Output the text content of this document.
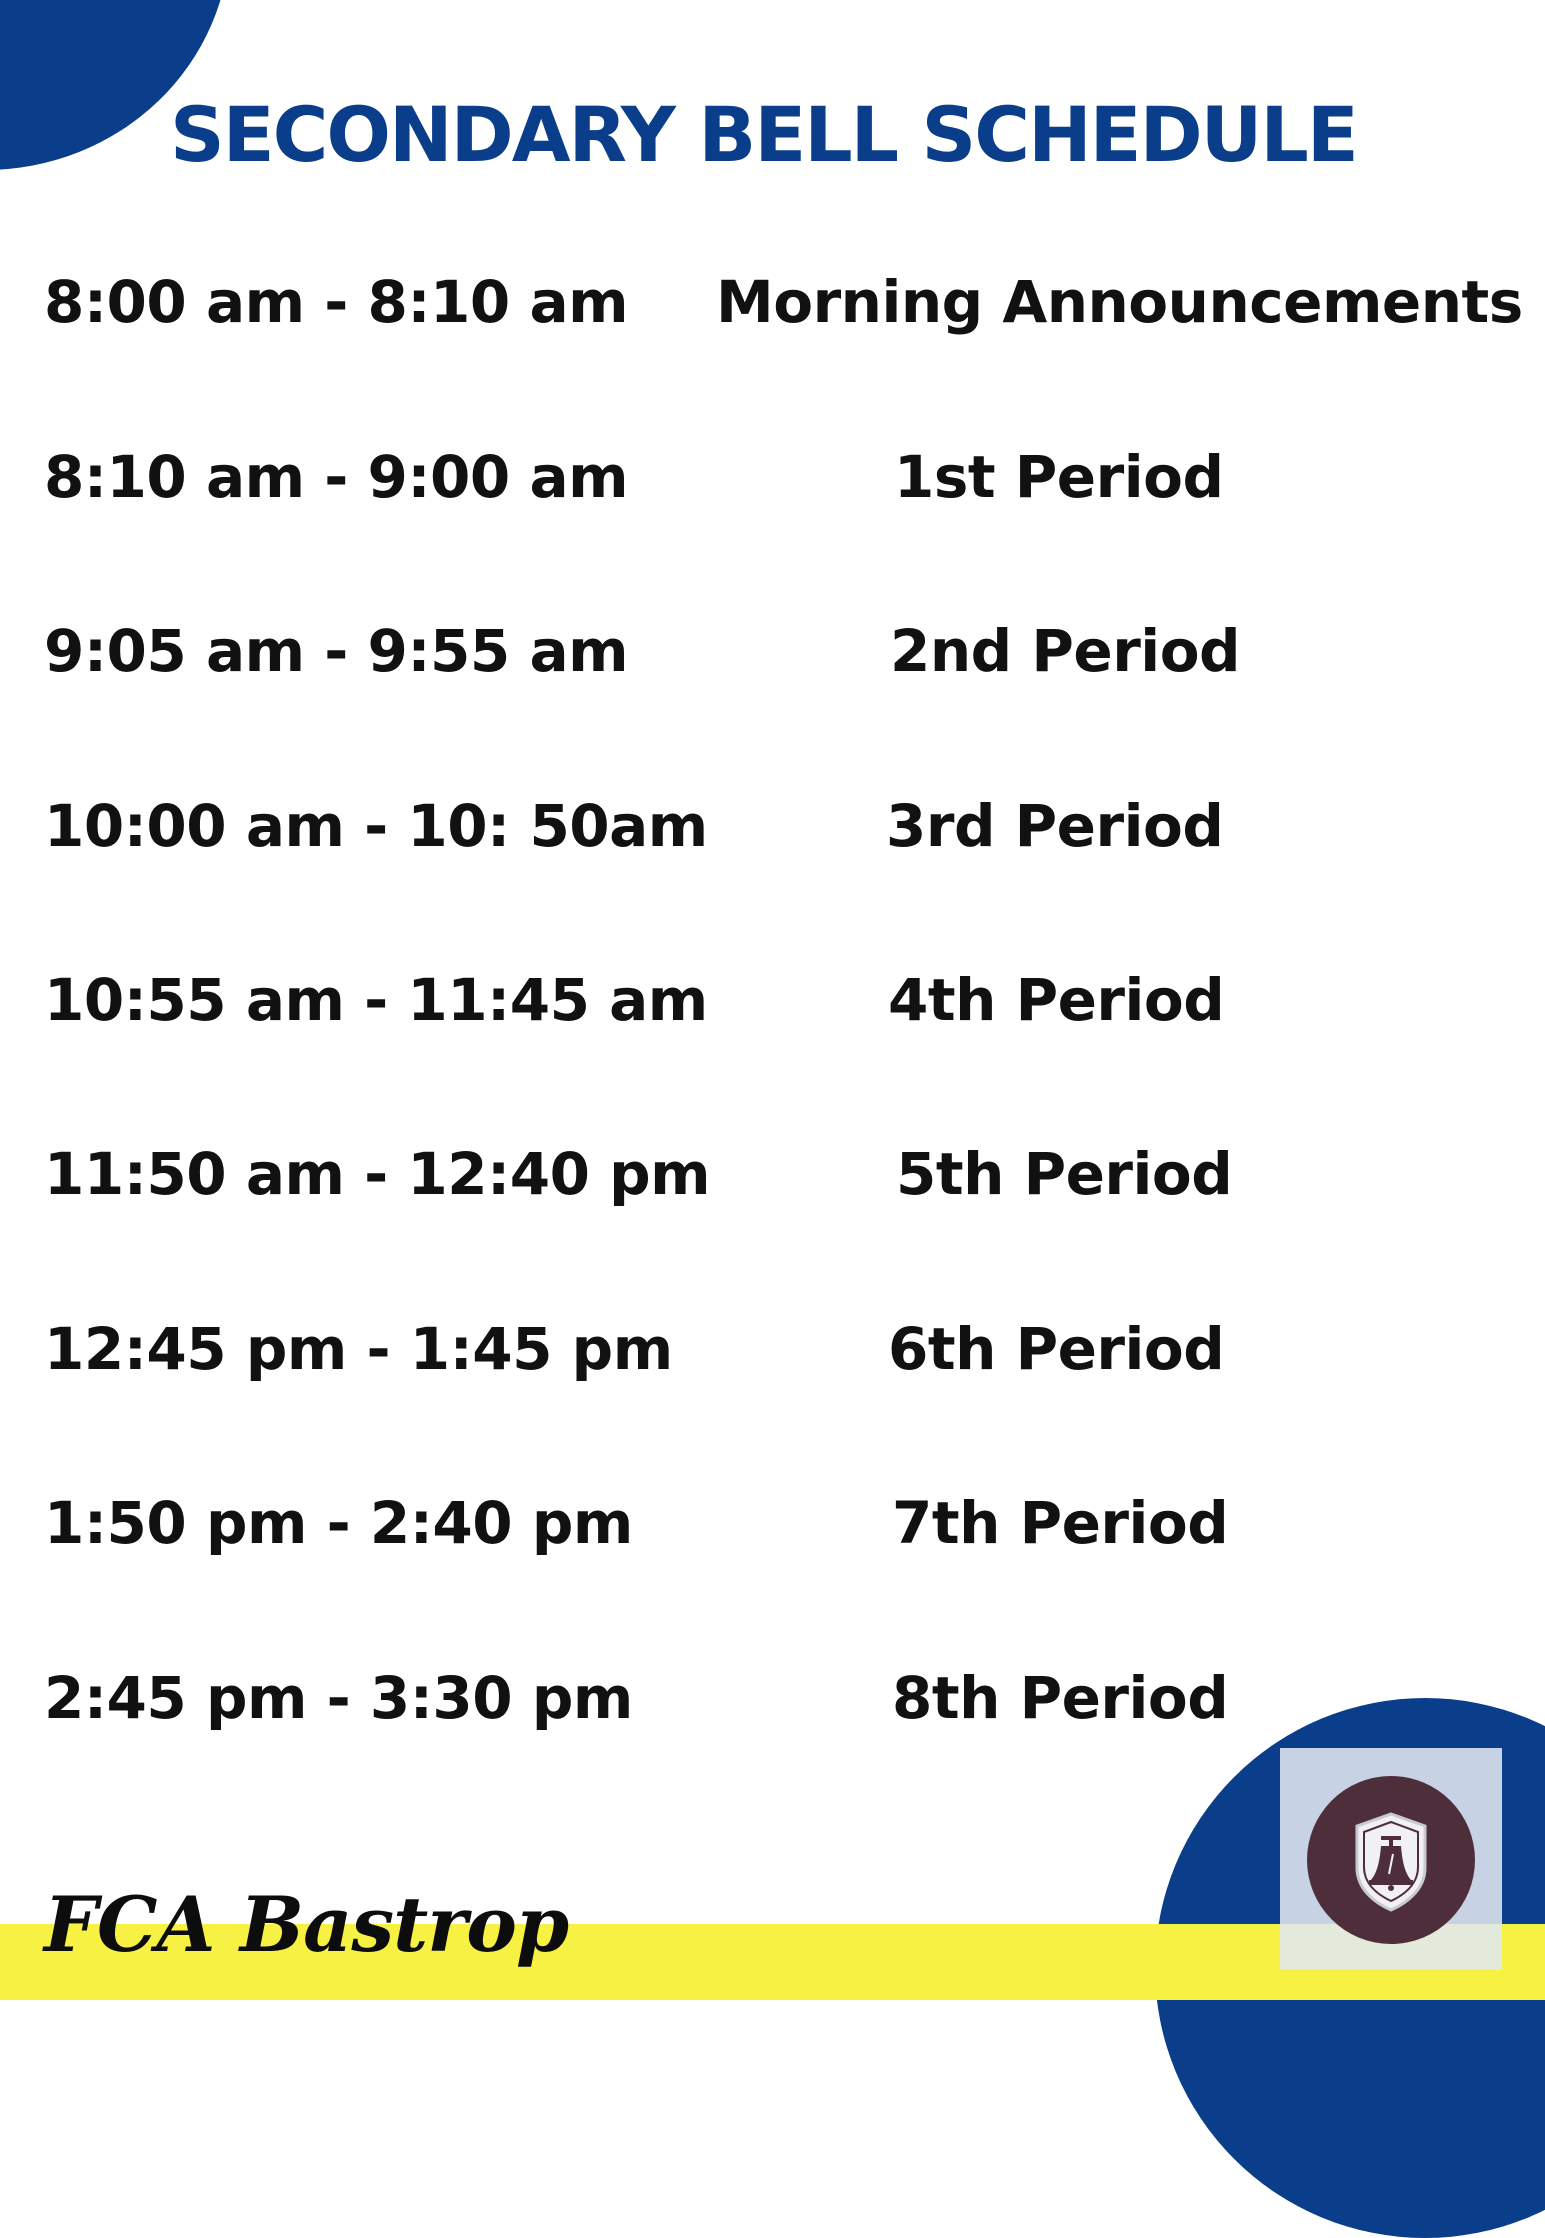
SECONDARY BELL SCHEDULE
8:00 am - 8:10 am Morning Announcements
8:10 am - 9:00 am	1st Period
9:05 am - 9:55 am	2nd Period
10:00 am - 10: 50am	3rd Period
10:55 am - 11:45 am	4th Period
11:50 am - 12:40 pm	5th Period
12:45 pm - 1:45 pm	6th Period
1:50 pm - 2:40 pm	7th Period
2:45 pm - 3:30 pm	8th Period
FCA Bastrop
